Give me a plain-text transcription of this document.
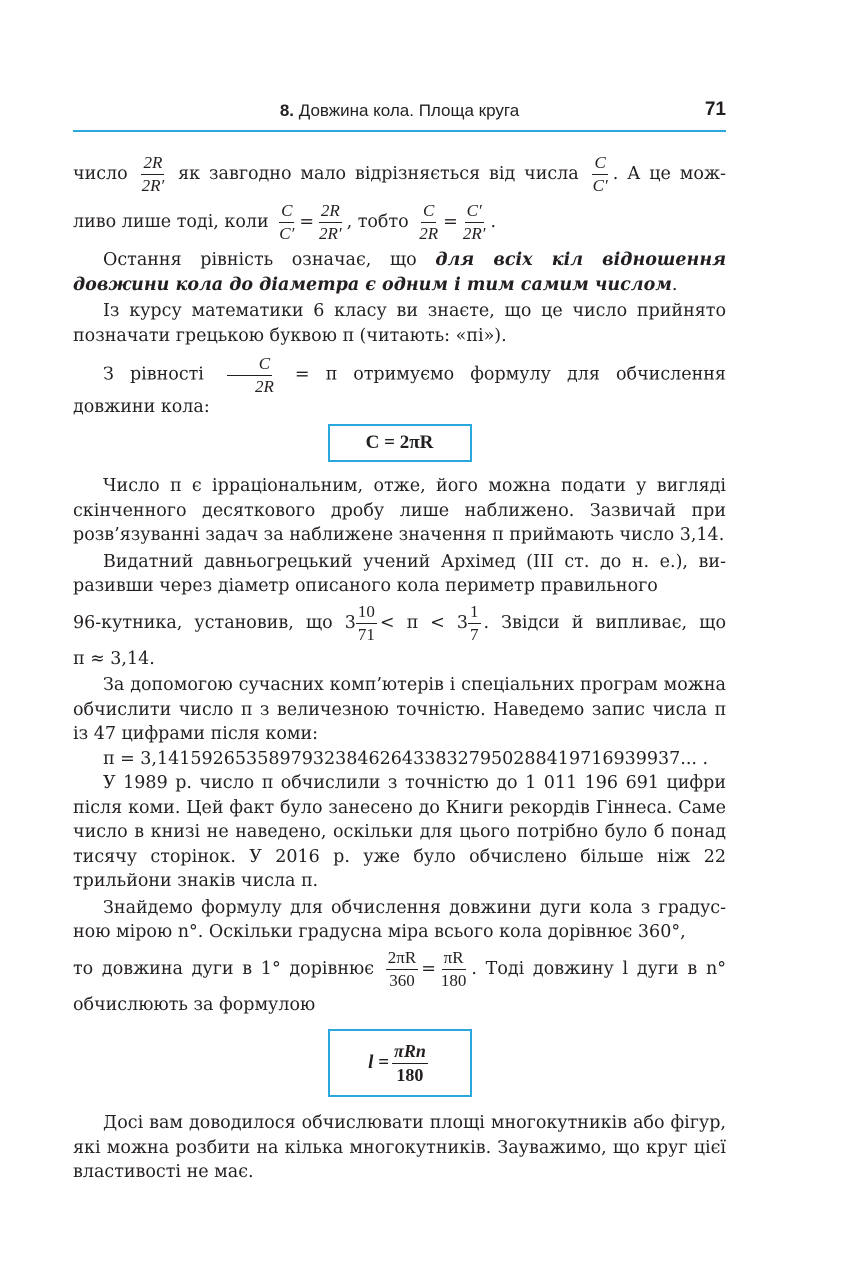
8. Довжина кола. Площа круга	71

число $\frac{2R}{2R'}$ як завгодно мало відрізняється від числа $\frac{C}{C'}$ . А це мож-

ливо лише тоді, коли $\frac{C}{C'} = \frac{2R}{2R'}$ , тобто $\frac{C}{2R} = \frac{C'}{2R'}$ .

Остання рівність означає, що для всіх кіл відношення довжини кола до діаметра є одним і тим самим числом.

Із курсу математики 6 класу ви знаєте, що це число прийнято позначати грецькою буквою π (читають: «пі»).

З рівності $\frac{C}{2R} = \pi$ отримуємо формулу для обчислення довжини кола:

C = 2πR

Число π є ірраціональним, отже, його можна подати у вигляді скінченного десяткового дробу лише наближено. Зазвичай при розв’язуванні задач за наближене значення π приймають число 3,14.

Видатний давньогрецький учений Архімед (ІІІ ст. до н. е.), ви- разивши через діаметр описаного кола периметр правильного

96-кутника, установив, що $3 \frac{10}{71} < \pi < 3 \frac{1}{7}$ . Звідси й випливає, що

π ≈ 3,14.

За допомогою сучасних комп’ютерів і спеціальних програм можна обчислити число π з величезною точністю. Наведемо запис числа π із 47 цифрами після коми:

π = 3,14159265358979323846264338327950288419716939937... .

У 1989 р. число π обчислили з точністю до 1 011 196 691 цифри після коми. Цей факт було занесено до Книги рекордів Гіннеса. Саме число в книзі не наведено, оскільки для цього потрібно було б понад тисячу сторінок. У 2016 р. уже було обчислено більше ніж 22 трильйони знаків числа π.

Знайдемо формулу для обчислення довжини дуги кола з градус- ною мірою n°. Оскільки градусна міра всього кола дорівнює 360°,

то довжина дуги в 1° дорівнює $\frac{2\pi R}{360} = \frac{\pi R}{180}$ . Тоді довжину l дуги в n°

обчислюють за формулою

$l = \frac{\text{πRn}}{180}$

Досі вам доводилося обчислювати площі многокутників або фігур, які можна розбити на кілька многокутників. Зауважимо, що круг цієї властивості не має.
